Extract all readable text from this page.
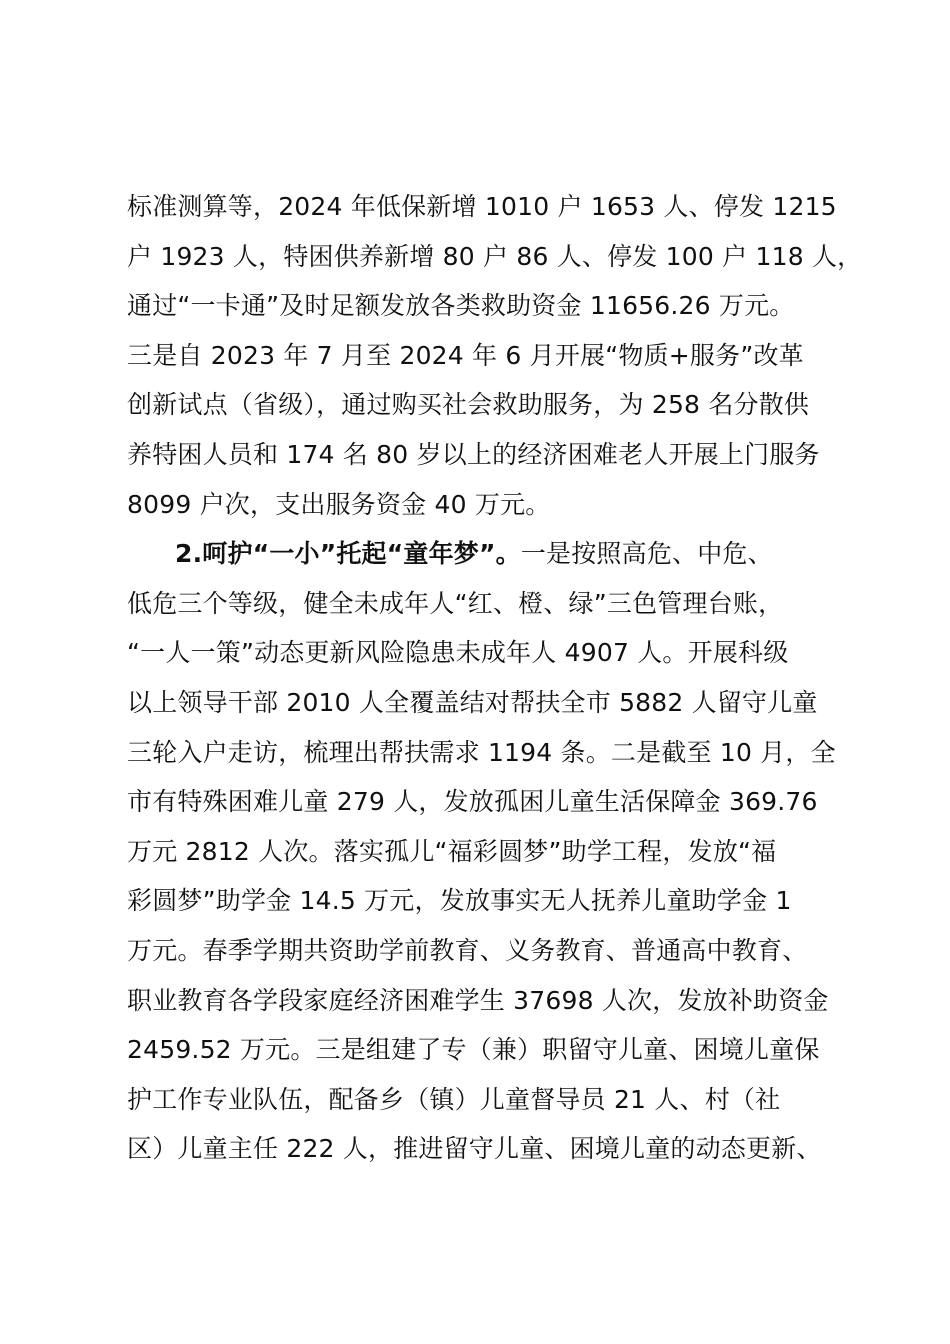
标准测算等，2024 年低保新增 1010 户 1653 人、停发 1215
户 1923 人，特困供养新增 80 户 86 人、停发 100 户 118 人，
通过“一卡通”及时足额发放各类救助资金 11656.26 万元。
三是自 2023 年 7 月至 2024 年 6 月开展“物质+服务”改革
创新试点（省级），通过购买社会救助服务，为 258 名分散供
养特困人员和 174 名 80 岁以上的经济困难老人开展上门服务
8099 户次，支出服务资金 40 万元。
2.呵护“一小”托起“童年梦”。一是按照高危、中危、
低危三个等级，健全未成年人“红、橙、绿”三色管理台账，
“一人一策”动态更新风险隐患未成年人 4907 人。开展科级
以上领导干部 2010 人全覆盖结对帮扶全市 5882 人留守儿童
三轮入户走访，梳理出帮扶需求 1194 条。二是截至 10 月，全
市有特殊困难儿童 279 人，发放孤困儿童生活保障金 369.76
万元 2812 人次。落实孤儿“福彩圆梦”助学工程，发放“福
彩圆梦”助学金 14.5 万元，发放事实无人抚养儿童助学金 1
万元。春季学期共资助学前教育、义务教育、普通高中教育、
职业教育各学段家庭经济困难学生 37698 人次，发放补助资金
2459.52 万元。三是组建了专（兼）职留守儿童、困境儿童保
护工作专业队伍，配备乡（镇）儿童督导员 21 人、村（社
区）儿童主任 222 人，推进留守儿童、困境儿童的动态更新、
